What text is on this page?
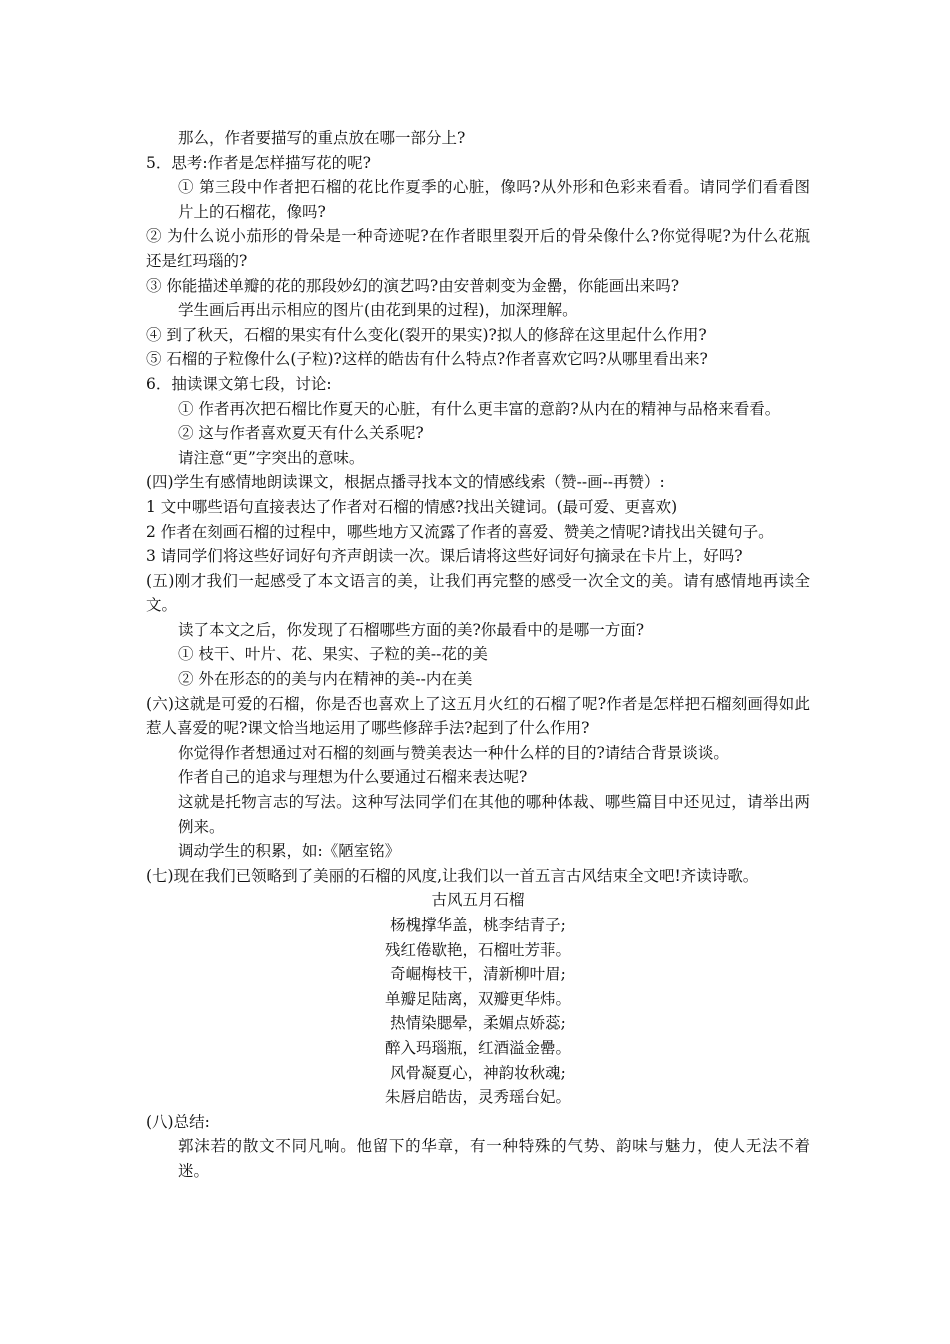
那么，作者要描写的重点放在哪一部分上?

5．思考:作者是怎样描写花的呢?

① 第三段中作者把石榴的花比作夏季的心脏，像吗?从外形和色彩来看看。请同学们看看图片上的石榴花，像吗?

② 为什么说小茄形的骨朵是一种奇迹呢?在作者眼里裂开后的骨朵像什么?你觉得呢?为什么花瓶还是红玛瑙的?

③ 你能描述单瓣的花的那段妙幻的演艺吗?由安普刺变为金罍，你能画出来吗?

学生画后再出示相应的图片(由花到果的过程)，加深理解。

④ 到了秋天，石榴的果实有什么变化(裂开的果实)?拟人的修辞在这里起什么作用?

⑤ 石榴的子粒像什么(子粒)?这样的皓齿有什么特点?作者喜欢它吗?从哪里看出来?

6．抽读课文第七段，讨论:

① 作者再次把石榴比作夏天的心脏，有什么更丰富的意韵?从内在的精神与品格来看看。

② 这与作者喜欢夏天有什么关系呢?

请注意“更”字突出的意味。

(四)学生有感情地朗读课文，根据点播寻找本文的情感线索（赞--画--再赞）:

1 文中哪些语句直接表达了作者对石榴的情感?找出关键词。(最可爱、更喜欢)

2 作者在刻画石榴的过程中，哪些地方又流露了作者的喜爱、赞美之情呢?请找出关键句子。

3 请同学们将这些好词好句齐声朗读一次。课后请将这些好词好句摘录在卡片上，好吗?

(五)刚才我们一起感受了本文语言的美，让我们再完整的感受一次全文的美。请有感情地再读全文。

读了本文之后，你发现了石榴哪些方面的美?你最看中的是哪一方面?

① 枝干、叶片、花、果实、子粒的美--花的美

② 外在形态的的美与内在精神的美--内在美

(六)这就是可爱的石榴，你是否也喜欢上了这五月火红的石榴了呢?作者是怎样把石榴刻画得如此惹人喜爱的呢?课文恰当地运用了哪些修辞手法?起到了什么作用?

你觉得作者想通过对石榴的刻画与赞美表达一种什么样的目的?请结合背景谈谈。

作者自己的追求与理想为什么要通过石榴来表达呢?

这就是托物言志的写法。这种写法同学们在其他的哪种体裁、哪些篇目中还见过，请举出两例来。

调动学生的积累，如:《陋室铭》

(七)现在我们已领略到了美丽的石榴的风度,让我们以一首五言古风结束全文吧!齐读诗歌。

古风五月石榴

杨槐撑华盖，桃李结青子;

残红倦歇艳，石榴吐芳菲。

奇崛梅枝干，清新柳叶眉;

单瓣足陆离，双瓣更华炜。

热情染腮晕，柔媚点娇蕊;

醉入玛瑙瓶，红酒溢金罍。

风骨凝夏心，神韵妆秋魂;

朱唇启皓齿，灵秀瑶台妃。

(八)总结:

郭沫若的散文不同凡响。他留下的华章，有一种特殊的气势、韵味与魅力，使人无法不着迷。
